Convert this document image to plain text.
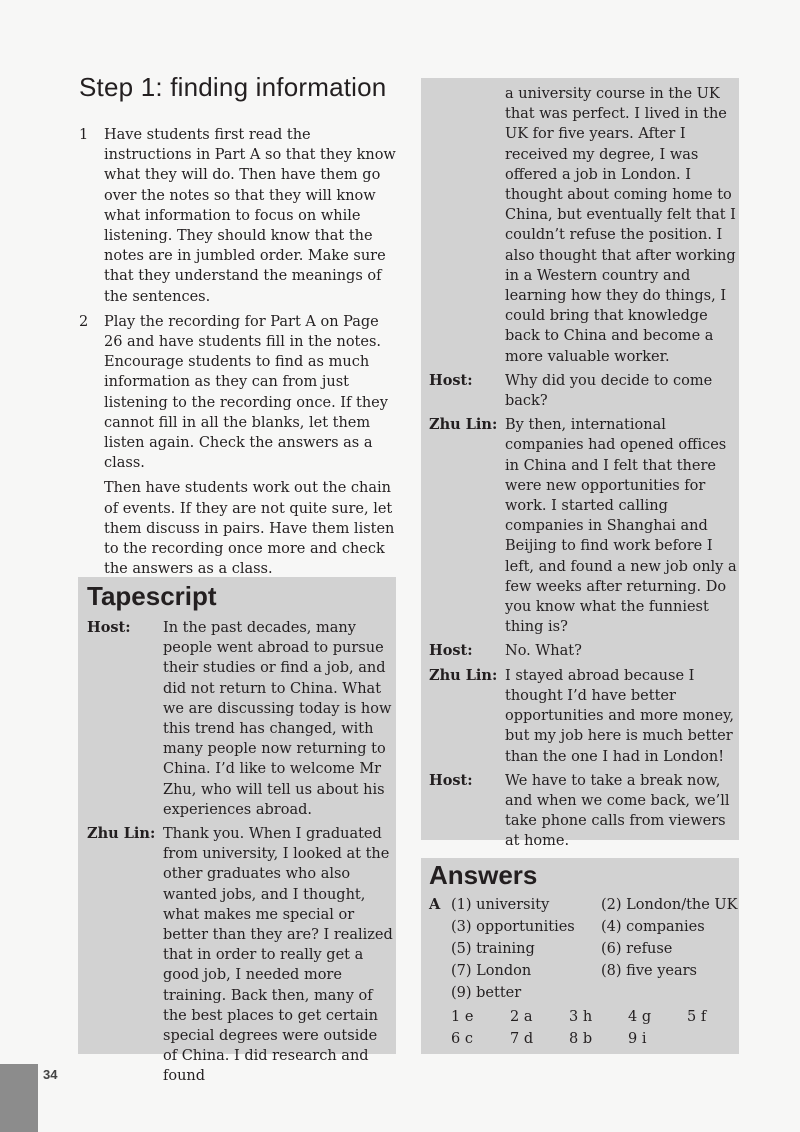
Step 1: finding information
1	Have students first read the instructions in Part A so that they know what they will do. Then have them go over the notes so that they will know what information to focus on while listening. They should know that the notes are in jumbled order. Make sure that they understand the meanings of the sentences.
2	Play the recording for Part A on Page 26 and have students fill in the notes. Encourage students to find as much information as they can from just listening to the recording once. If they cannot fill in all the blanks, let them listen again. Check the answers as a class.

Then have students work out the chain of events. If they are not quite sure, let them discuss in pairs. Have them listen to the recording once more and check the answers as a class.

Tapescript
Host:	In the past decades, many people went abroad to pursue their studies or find a job, and did not return to China. What we are discussing today is how this trend has changed, with many people now returning to China. I’d like to welcome Mr Zhu, who will tell us about his experiences abroad.
Zhu Lin: Thank you. When I graduated from university, I looked at the other graduates who also wanted jobs, and I thought, what makes me special or better than they are? I realized that in order to really get a good job, I needed more training. Back then, many of the best places to get certain special degrees were outside of China. I did research and found
a university course in the UK that was perfect. I lived in the UK for five years. After I received my degree, I was offered a job in London. I thought about coming home to China, but eventually felt that I couldn’t refuse the position. I also thought that after working in a Western country and learning how they do things, I could bring that knowledge back to China and become a more valuable worker.
Host:	Why did you decide to come back?
Zhu Lin: By then, international companies had opened offices in China and I felt that there were new opportunities for work. I started calling companies in Shanghai and Beijing to find work before I left, and found a new job only a few weeks after returning. Do you know what the funniest thing is?
Host:	No. What?
Zhu Lin: I stayed abroad because I thought I’d have better opportunities and more money, but my job here is much better than the one I had in London!
Host:	We have to take a break now, and when we come back, we’ll take phone calls from viewers at home.
Answers
A (1) university	(2) London/the UK
(3) opportunities	(4) companies
(5) training	(6) refuse
(7) London	(8) five years
(9) better
1 e	2 a	3 h	4 g	5 f
6 c	7 d	8 b	9 i
34
